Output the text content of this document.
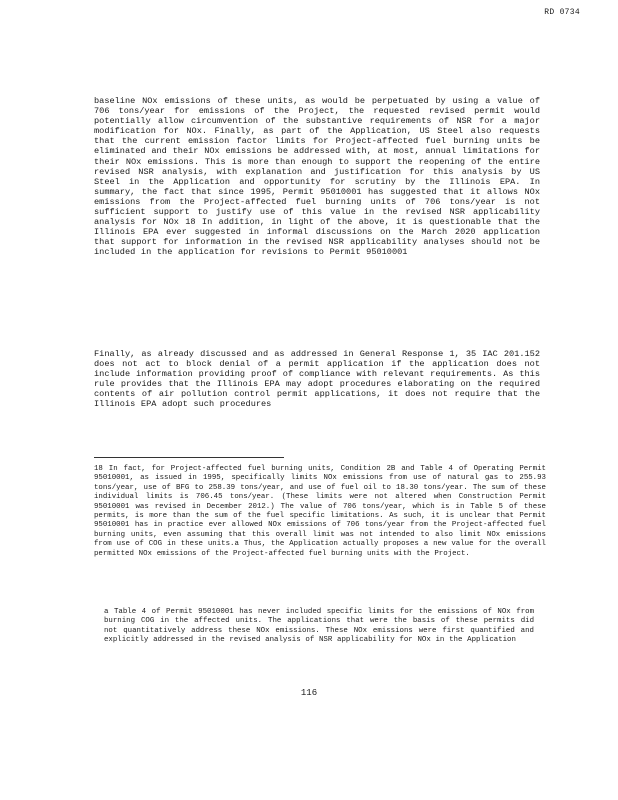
RD 0734
baseline NOx emissions of these units, as would be perpetuated by using a value of 706 tons/year for emissions of the Project, the requested revised permit would potentially allow circumvention of the substantive requirements of NSR for a major modification for NOx. Finally, as part of the Application, US Steel also requests that the current emission factor limits for Project-affected fuel burning units be eliminated and their NOx emissions be addressed with, at most, annual limitations for their NOx emissions. This is more than enough to support the reopening of the entire revised NSR analysis, with explanation and justification for this analysis by US Steel in the Application and opportunity for scrutiny by the Illinois EPA. In summary, the fact that since 1995, Permit 95010001 has suggested that it allows NOx emissions from the Project-affected fuel burning units of 706 tons/year is not sufficient support to justify use of this value in the revised NSR applicability analysis for NOx 18 In addition, in light of the above, it is questionable that the Illinois EPA ever suggested in informal discussions on the March 2020 application that support for information in the revised NSR applicability analyses should not be included in the application for revisions to Permit 95010001
Finally, as already discussed and as addressed in General Response 1, 35 IAC 201.152 does not act to block denial of a permit application if the application does not include information providing proof of compliance with relevant requirements. As this rule provides that the Illinois EPA may adopt procedures elaborating on the required contents of air pollution control permit applications, it does not require that the Illinois EPA adopt such procedures
18 In fact, for Project-affected fuel burning units, Condition 2B and Table 4 of Operating Permit 95010001, as issued in 1995, specifically limits NOx emissions from use of natural gas to 255.93 tons/year, use of BFG to 258.39 tons/year, and use of fuel oil to 18.30 tons/year. The sum of these individual limits is 706.45 tons/year. (These limits were not altered when Construction Permit 95010001 was revised in December 2012.) The value of 706 tons/year, which is in Table 5 of these permits, is more than the sum of the fuel specific limitations. As such, it is unclear that Permit 95010001 has in practice ever allowed NOx emissions of 706 tons/year from the Project-affected fuel burning units, even assuming that this overall limit was not intended to also limit NOx emissions from use of COG in these units.a Thus, the Application actually proposes a new value for the overall permitted NOx emissions of the Project-affected fuel burning units with the Project.
a Table 4 of Permit 95010001 has never included specific limits for the emissions of NOx from burning COG in the affected units. The applications that were the basis of these permits did not quantitatively address these NOx emissions. These NOx emissions were first quantified and explicitly addressed in the revised analysis of NSR applicability for NOx in the Application
116
